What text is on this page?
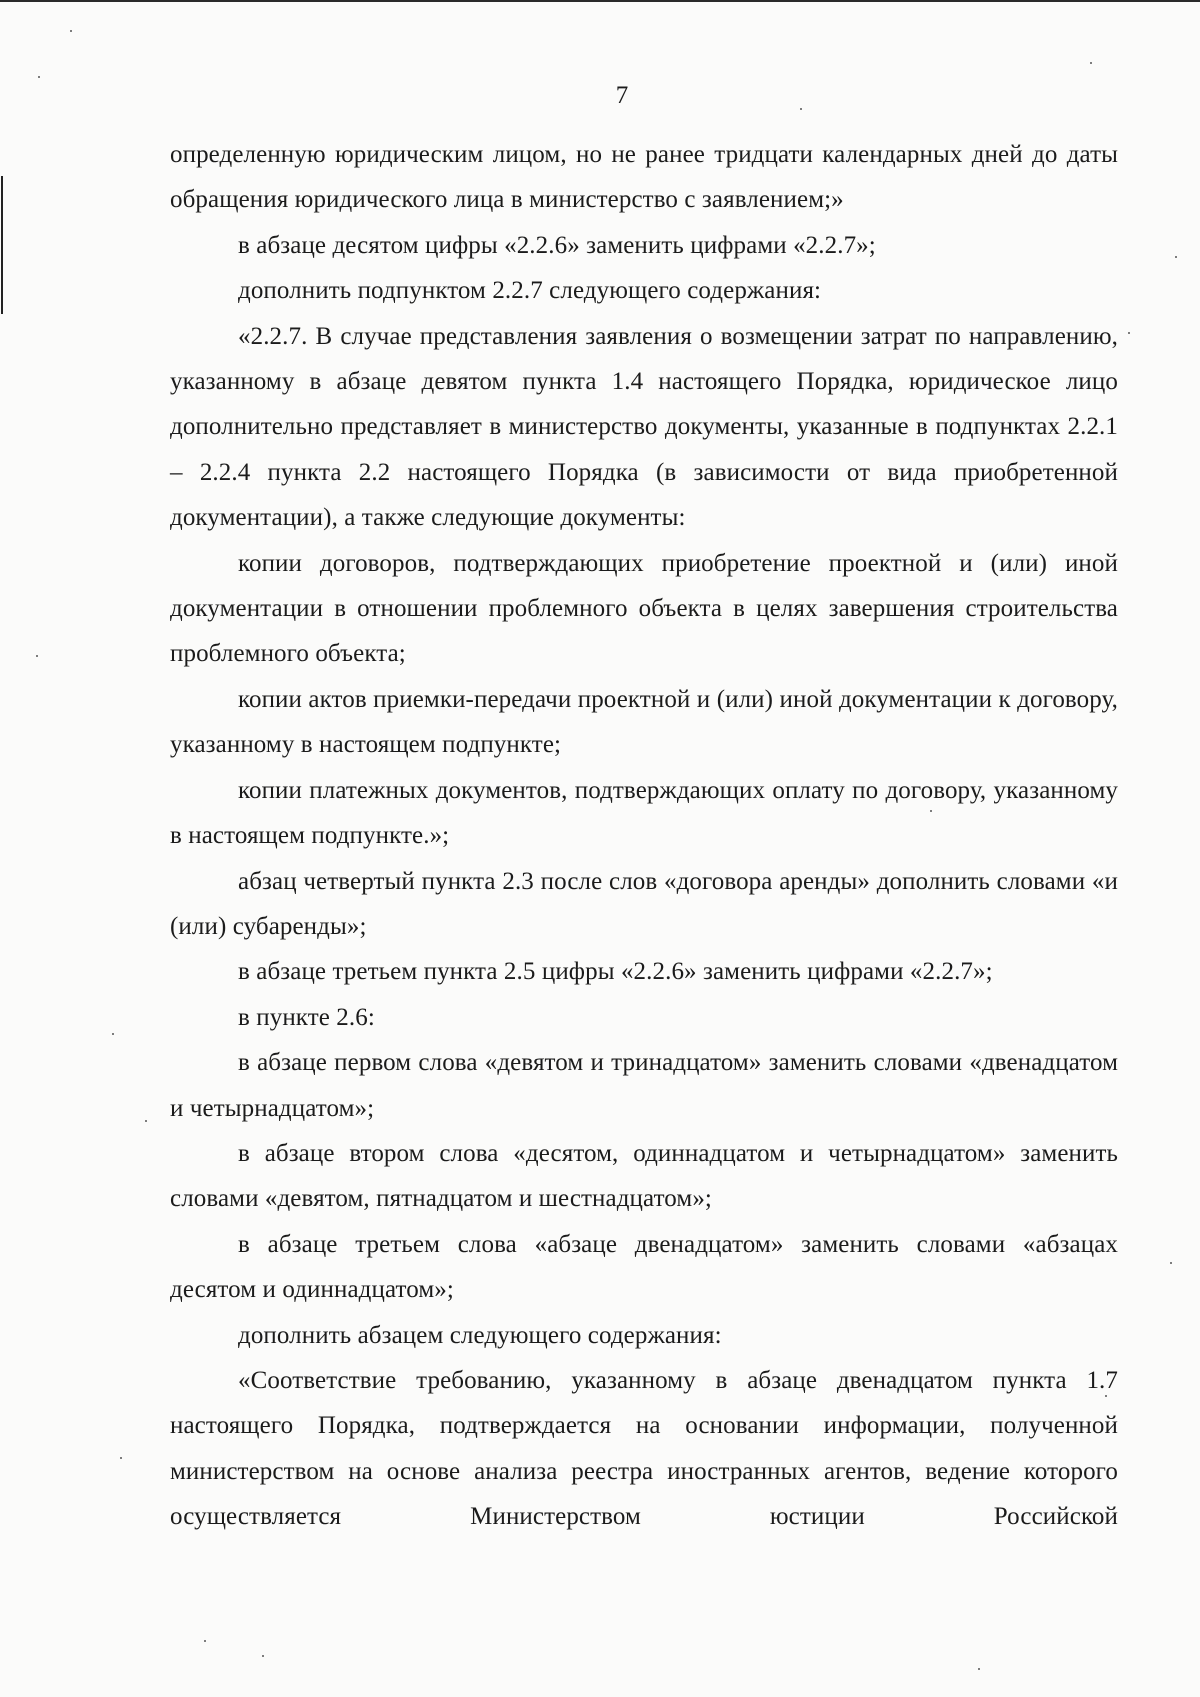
7

определенную юридическим лицом, но не ранее тридцати календарных дней до даты обращения юридического лица в министерство с заявлением;»

в абзаце десятом цифры «2.2.6» заменить цифрами «2.2.7»;

дополнить подпунктом 2.2.7 следующего содержания:

«2.2.7. В случае представления заявления о возмещении затрат по направлению, указанному в абзаце девятом пункта 1.4 настоящего Порядка, юридическое лицо дополнительно представляет в министерство документы, указанные в подпунктах 2.2.1 – 2.2.4 пункта 2.2 настоящего Порядка (в зависимости от вида приобретенной документации), а также следующие документы:

копии договоров, подтверждающих приобретение проектной и (или) иной документации в отношении проблемного объекта в целях завершения строительства проблемного объекта;

копии актов приемки-передачи проектной и (или) иной документации к договору, указанному в настоящем подпункте;

копии платежных документов, подтверждающих оплату по договору, указанному в настоящем подпункте.»;

абзац четвертый пункта 2.3 после слов «договора аренды» дополнить словами «и (или) субаренды»;

в абзаце третьем пункта 2.5 цифры «2.2.6» заменить цифрами «2.2.7»;

в пункте 2.6:

в абзаце первом слова «девятом и тринадцатом» заменить словами «двенадцатом и четырнадцатом»;

в абзаце втором слова «десятом, одиннадцатом и четырнадцатом» заменить словами «девятом, пятнадцатом и шестнадцатом»;

в абзаце третьем слова «абзаце двенадцатом» заменить словами «абзацах десятом и одиннадцатом»;

дополнить абзацем следующего содержания:

«Соответствие требованию, указанному в абзаце двенадцатом пункта 1.7 настоящего Порядка, подтверждается на основании информации, полученной министерством на основе анализа реестра иностранных агентов, ведение которого осуществляется Министерством юстиции Российской
